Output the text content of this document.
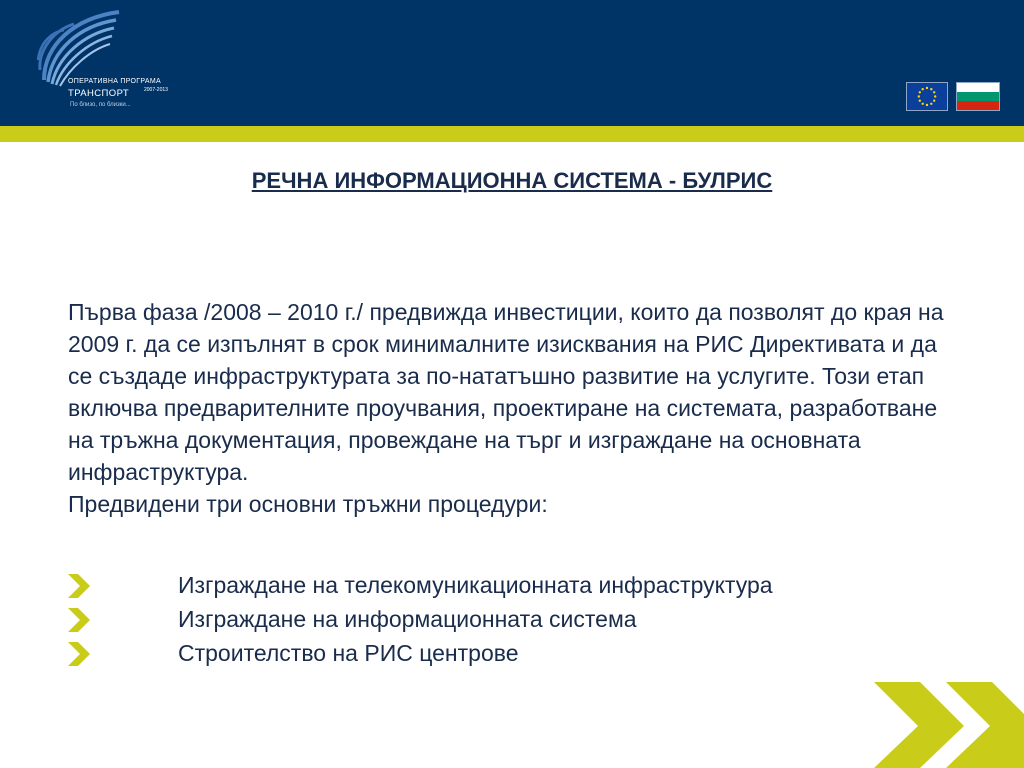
ОПЕРАТИВНА ПРОГРАМА
ТРАНСПОРТ	2007-2013
По близо, по близки...
РЕЧНА ИНФОРМАЦИОННА СИСТЕМА - БУЛРИС

Първа фаза /2008 – 2010 г./ предвижда инвестиции, които да позволят до края на 2009 г. да се изпълнят в срок минималните изисквания на РИС Директивата и да се създаде инфраструктурата за по-нататъшно развитие на услугите. Този етап включва предварителните проучвания, проектиране на системата, разработване на тръжна документация, провеждане на търг и изграждане на основната инфраструктура.

Предвидени три основни тръжни процедури:

Изграждане на телекомуникационната инфраструктура
Изграждане на информационната система
Строителство на РИС центрове
